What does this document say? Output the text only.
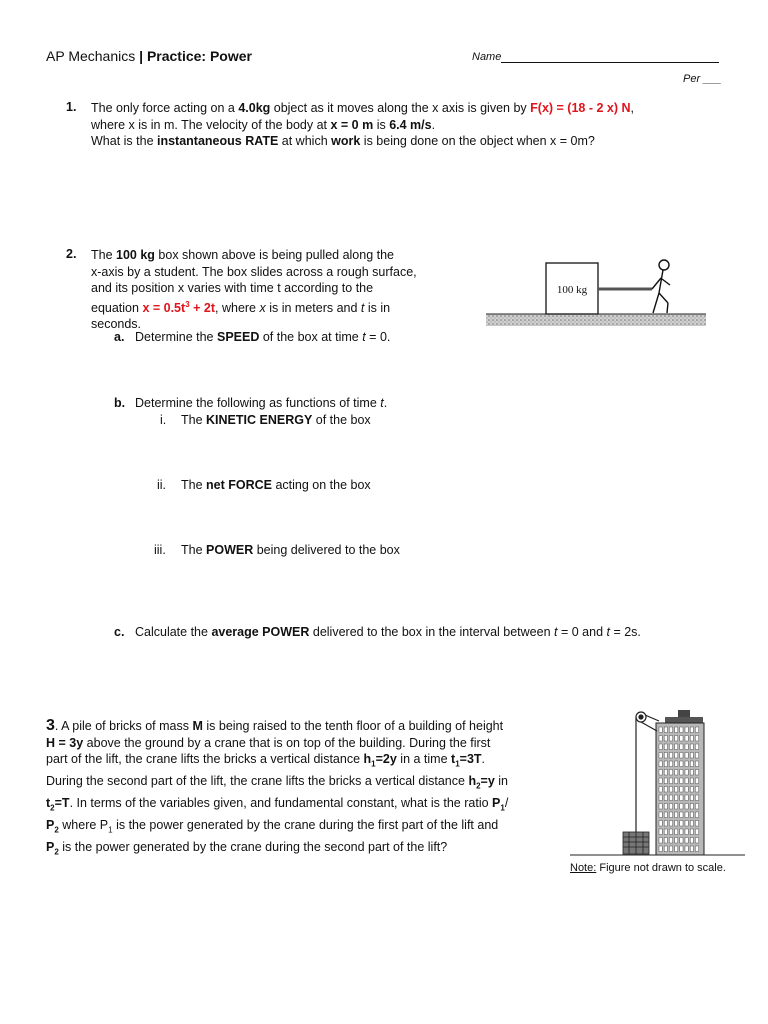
AP Mechanics | Practice: Power	Name
Per ___
1. The only force acting on a 4.0kg object as it moves along the x axis is given by F(x) = (18 - 2 x) N,
where x is in m. The velocity of the body at x = 0 m is 6.4 m/s.
What is the instantaneous RATE at which work is being done on the object when x = 0m?
2. The 100 kg box shown above is being pulled along the
x-axis by a student. The box slides across a rough surface,
and its position x varies with time t according to the
equation $x = 0.5t^3 + 2t$, where x is in meters and t is in
seconds.
100 kg
a. Determine the SPEED of the box at time t = 0.
b. Determine the following as functions of time t.
i. The KINETIC ENERGY of the box
ii. The net FORCE acting on the box
iii. The POWER being delivered to the box
c. Calculate the average POWER delivered to the box in the interval between t = 0 and t = 2s.
3. A pile of bricks of mass M is being raised to the tenth floor of a building of height
H = 3y above the ground by a crane that is on top of the building. During the first
part of the lift, the crane lifts the bricks a vertical distance $h_1=2y$ in a time $t_1=3T$.
During the second part of the lift, the crane lifts the bricks a vertical distance $h_2=y$ in
$t_2=T$. In terms of the variables given, and fundamental constant, what is the ratio $P_1/$
$P_2$ where $P_1$ is the power generated by the crane during the first part of the lift and
$P_2$ is the power generated by the crane during the second part of the lift?
Note: Figure not drawn to scale.
